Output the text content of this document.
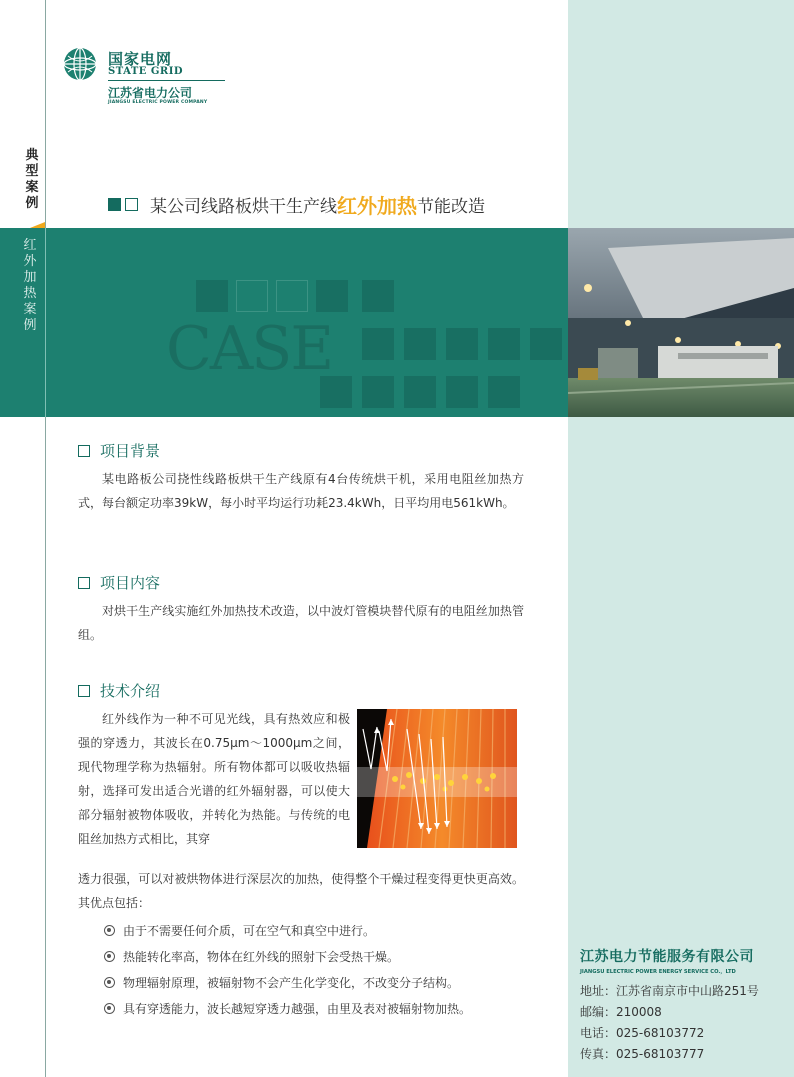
国家电网
STATE GRID
江苏省电力公司
JIANGSU ELECTRIC POWER COMPANY
典型案例	某公司线路板烘干生产线红外加热节能改造
CASE
红外加热案例
项目背景
某电路板公司挠性线路板烘干生产线原有4台传统烘干机，采用电阻丝加热方式，每台额定功率39kW，每小时平均运行功耗23.4kWh，日平均用电561kWh。
项目内容
对烘干生产线实施红外加热技术改造，以中波灯管模块替代原有的电阻丝加热管组。
技术介绍
红外线作为一种不可见光线，具有热效应和极强的穿透力，其波长在0.75μm～1000μm之间，现代物理学称为热辐射。所有物体都可以吸收热辐射，选择可发出适合光谱的红外辐射器，可以使大部分辐射被物体吸收，并转化为热能。与传统的电阻丝加热方式相比，其穿
透力很强，可以对被烘物体进行深层次的加热，使得整个干燥过程变得更快更高效。其优点包括：
由于不需要任何介质，可在空气和真空中进行。
热能转化率高，物体在红外线的照射下会受热干燥。
物理辐射原理，被辐射物不会产生化学变化，不改变分子结构。
具有穿透能力，波长越短穿透力越强，由里及表对被辐射物加热。
江苏电力节能服务有限公司
JIANGSU ELECTRIC POWER ENERGY SERVICE CO.，LTD
地址：江苏省南京市中山路251号
邮编：210008
电话：025-68103772
传真：025-68103777
